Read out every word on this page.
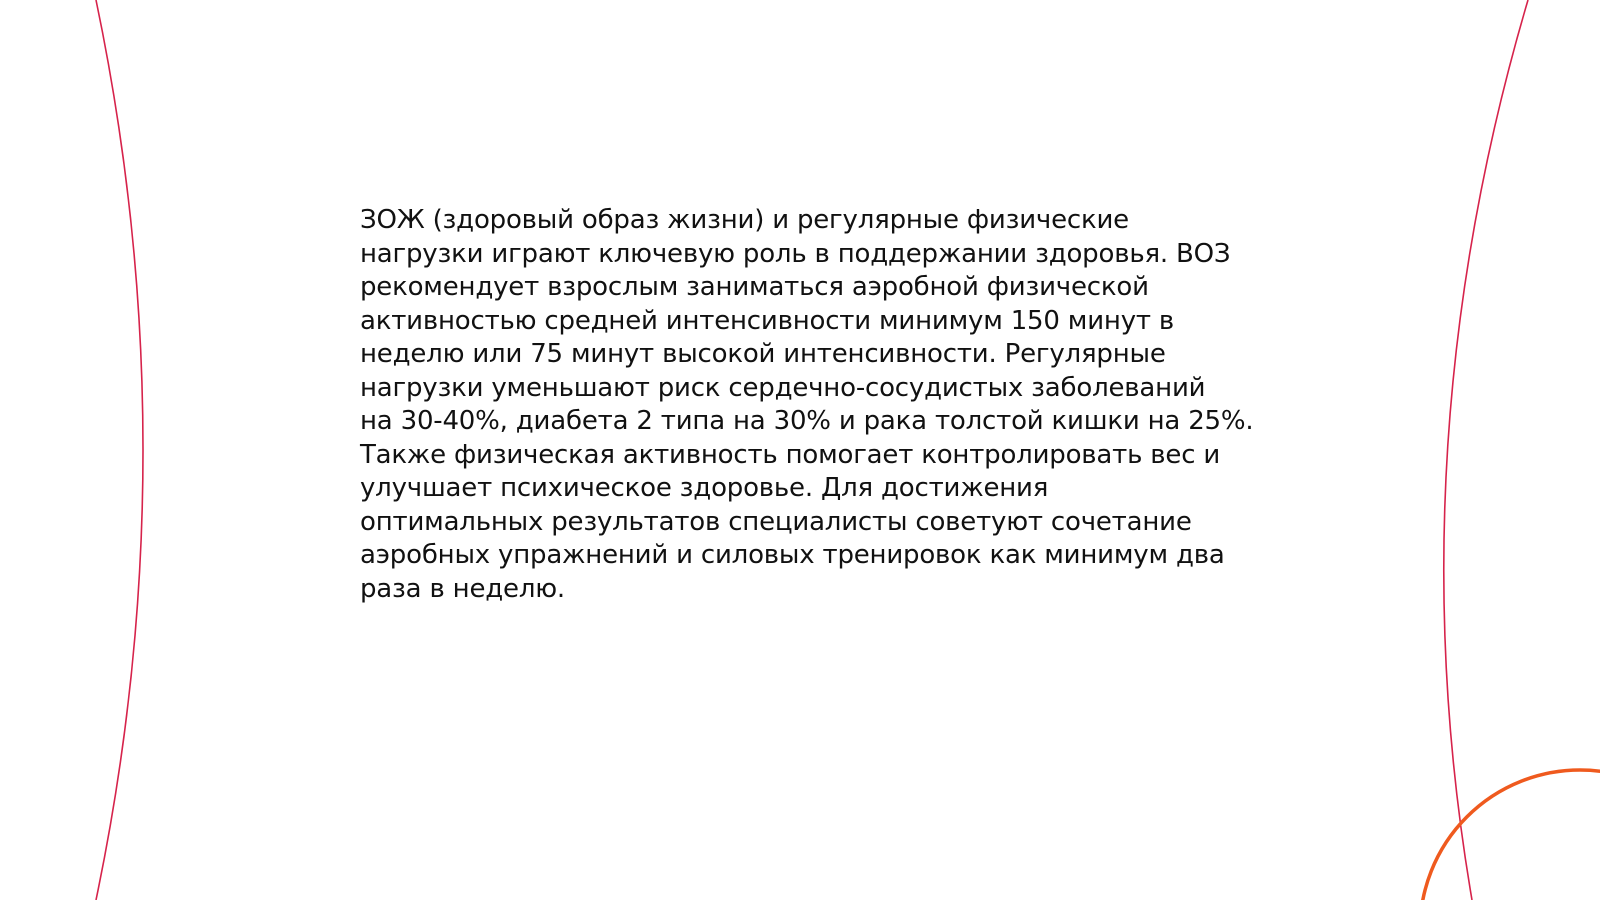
ЗОЖ (здоровый образ жизни) и регулярные физические
нагрузки играют ключевую роль в поддержании здоровья. ВОЗ
рекомендует взрослым заниматься аэробной физической
активностью средней интенсивности минимум 150 минут в
неделю или 75 минут высокой интенсивности. Регулярные
нагрузки уменьшают риск сердечно-сосудистых заболеваний
на 30-40%, диабета 2 типа на 30% и рака толстой кишки на 25%.
Также физическая активность помогает контролировать вес и
улучшает психическое здоровье. Для достижения
оптимальных результатов специалисты советуют сочетание
аэробных упражнений и силовых тренировок как минимум два
раза в неделю.
